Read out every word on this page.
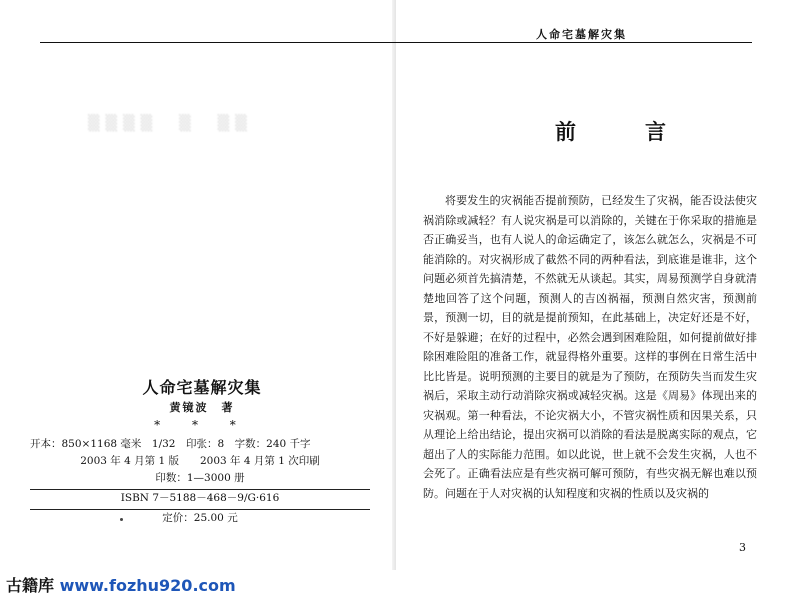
▒▒▒▒　▒　▒▒
人命宅墓解灾集
黄镜波　著
* * *
开本：850×1168 毫米　1/32　印张：8　字数：240 千字
2003 年 4 月第 1 版　　2003 年 4 月第 1 次印刷
印数：1—3000 册
ISBN 7－5188－468－9/G·616
定价：25.00 元
人命宅墓解灾集
前　言

将要发生的灾祸能否提前预防，已经发生了灾祸，能否设法使灾祸消除或减轻？有人说灾祸是可以消除的，关键在于你采取的措施是否正确妥当，也有人说人的命运确定了，该怎么就怎么，灾祸是不可能消除的。对灾祸形成了截然不同的两种看法，到底谁是谁非，这个问题必须首先搞清楚，不然就无从谈起。其实，周易预测学自身就清楚地回答了这个问题，预测人的吉凶祸福，预测自然灾害，预测前景，预测一切，目的就是提前预知，在此基础上，决定好还是不好，不好是躲避；在好的过程中，必然会遇到困难险阻，如何提前做好排除困难险阻的准备工作，就显得格外重要。这样的事例在日常生活中比比皆是。说明预测的主要目的就是为了预防，在预防失当而发生灾祸后，采取主动行动消除灾祸或减轻灾祸。这是《周易》体现出来的灾祸观。第一种看法，不论灾祸大小，不管灾祸性质和因果关系，只从理论上给出结论，提出灾祸可以消除的看法是脱离实际的观点，它超出了人的实际能力范围。如以此说，世上就不会发生灾祸，人也不会死了。正确看法应是有些灾祸可解可预防，有些灾祸无解也难以预防。问题在于人对灾祸的认知程度和灾祸的性质以及灾祸的

3
古籍库 www.fozhu920.com
